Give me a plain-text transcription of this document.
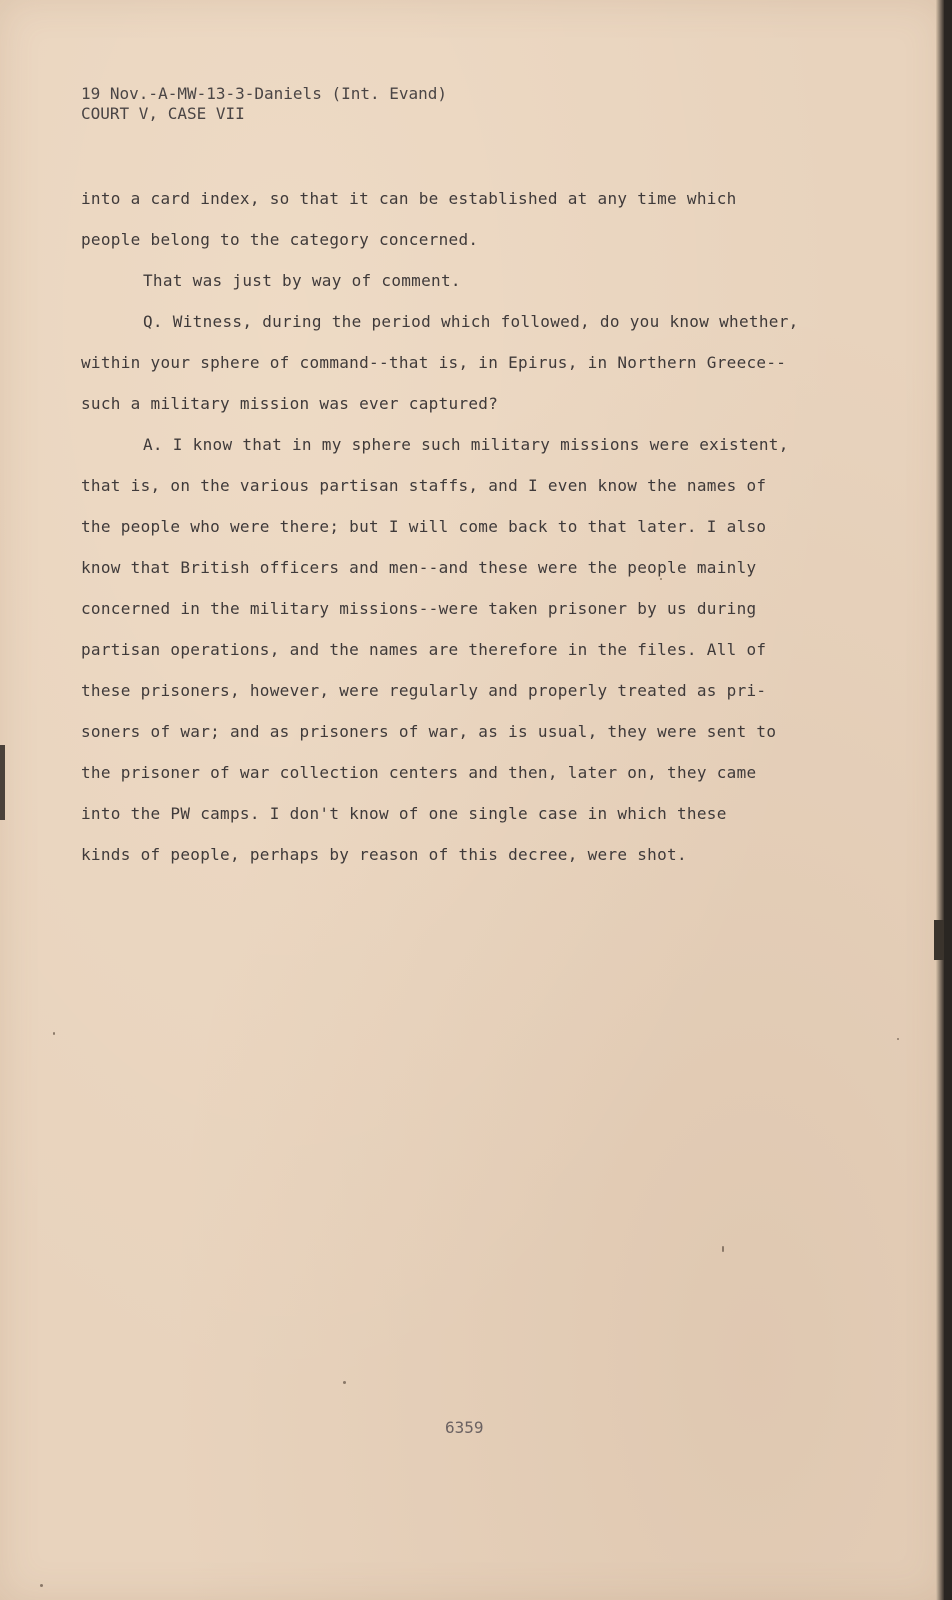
19 Nov.-A-MW-13-3-Daniels (Int. Evand)
COURT V, CASE VII
into a card index, so that it can be established at any time which
people belong to the category concerned.
That was just by way of comment.
Q. Witness, during the period which followed, do you know whether,
within your sphere of command--that is, in Epirus, in Northern Greece--
such a military mission was ever captured?
A. I know that in my sphere such military missions were existent,
that is, on the various partisan staffs, and I even know the names of
the people who were there; but I will come back to that later. I also
know that British officers and men--and these were the people mainly
concerned in the military missions--were taken prisoner by us during
partisan operations, and the names are therefore in the files. All of
these prisoners, however, were regularly and properly treated as pri-
soners of war; and as prisoners of war, as is usual, they were sent to
the prisoner of war collection centers and then, later on, they came
into the PW camps. I don't know of one single case in which these
kinds of people, perhaps by reason of this decree, were shot.
6359
